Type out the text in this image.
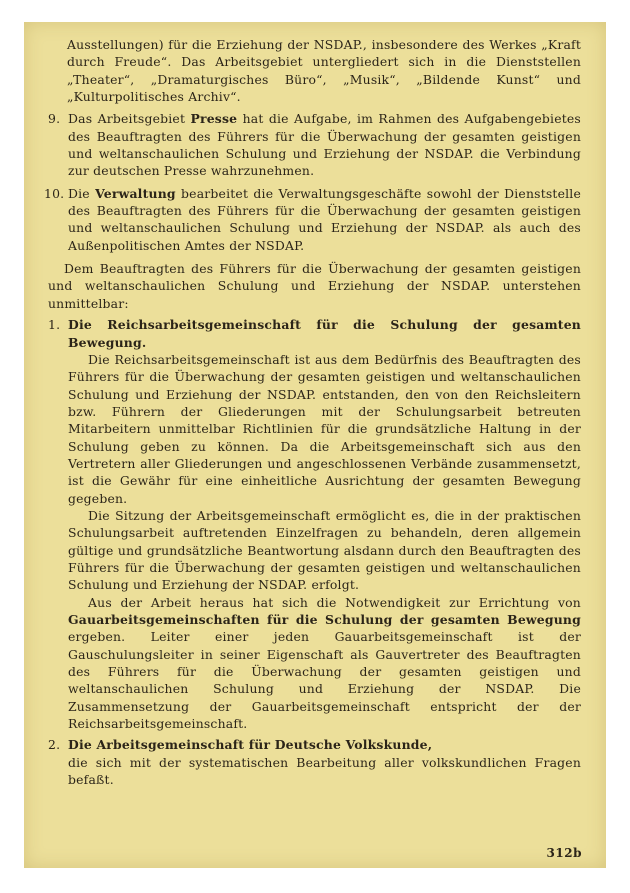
Ausstellungen) für die Erziehung der NSDAP., insbesondere des Werkes „Kraft durch Freude“. Das Arbeitsgebiet untergliedert sich in die Dienststellen „Theater“, „Dramaturgisches Büro“, „Musik“, „Bildende Kunst“ und „Kulturpolitisches Archiv“.

9. Das Arbeitsgebiet Presse hat die Aufgabe, im Rahmen des Aufgabengebietes des Beauftragten des Führers für die Überwachung der gesamten geistigen und weltanschaulichen Schulung und Erziehung der NSDAP. die Verbindung zur deutschen Presse wahrzunehmen.

10. Die Verwaltung bearbeitet die Verwaltungsgeschäfte sowohl der Dienststelle des Beauftragten des Führers für die Überwachung der gesamten geistigen und weltanschaulichen Schulung und Erziehung der NSDAP. als auch des Außenpolitischen Amtes der NSDAP.

Dem Beauftragten des Führers für die Überwachung der gesamten geistigen und weltanschaulichen Schulung und Erziehung der NSDAP. unterstehen unmittelbar:

1. Die Reichsarbeitsgemeinschaft für die Schulung der gesamten Bewegung.

Die Reichsarbeitsgemeinschaft ist aus dem Bedürfnis des Beauftragten des Führers für die Überwachung der gesamten geistigen und weltanschaulichen Schulung und Erziehung der NSDAP. entstanden, den von den Reichsleitern bzw. Führern der Gliederungen mit der Schulungsarbeit betreuten Mitarbeitern unmittelbar Richtlinien für die grundsätzliche Haltung in der Schulung geben zu können. Da die Arbeitsgemeinschaft sich aus den Vertretern aller Gliederungen und angeschlossenen Verbände zusammensetzt, ist die Gewähr für eine einheitliche Ausrichtung der gesamten Bewegung gegeben.

Die Sitzung der Arbeitsgemeinschaft ermöglicht es, die in der praktischen Schulungsarbeit auftretenden Einzelfragen zu behandeln, deren allgemein gültige und grundsätzliche Beantwortung alsdann durch den Beauftragten des Führers für die Überwachung der gesamten geistigen und weltanschaulichen Schulung und Erziehung der NSDAP. erfolgt.

Aus der Arbeit heraus hat sich die Notwendigkeit zur Errichtung von Gauarbeitsgemeinschaften für die Schulung der gesamten Bewegung ergeben. Leiter einer jeden Gauarbeitsgemeinschaft ist der Gauschulungsleiter in seiner Eigenschaft als Gauvertreter des Beauftragten des Führers für die Überwachung der gesamten geistigen und weltanschaulichen Schulung und Erziehung der NSDAP. Die Zusammensetzung der Gauarbeitsgemeinschaft entspricht der der Reichsarbeitsgemeinschaft.

2. Die Arbeitsgemeinschaft für Deutsche Volkskunde,

die sich mit der systematischen Bearbeitung aller volkskundlichen Fragen befaßt.

312b
